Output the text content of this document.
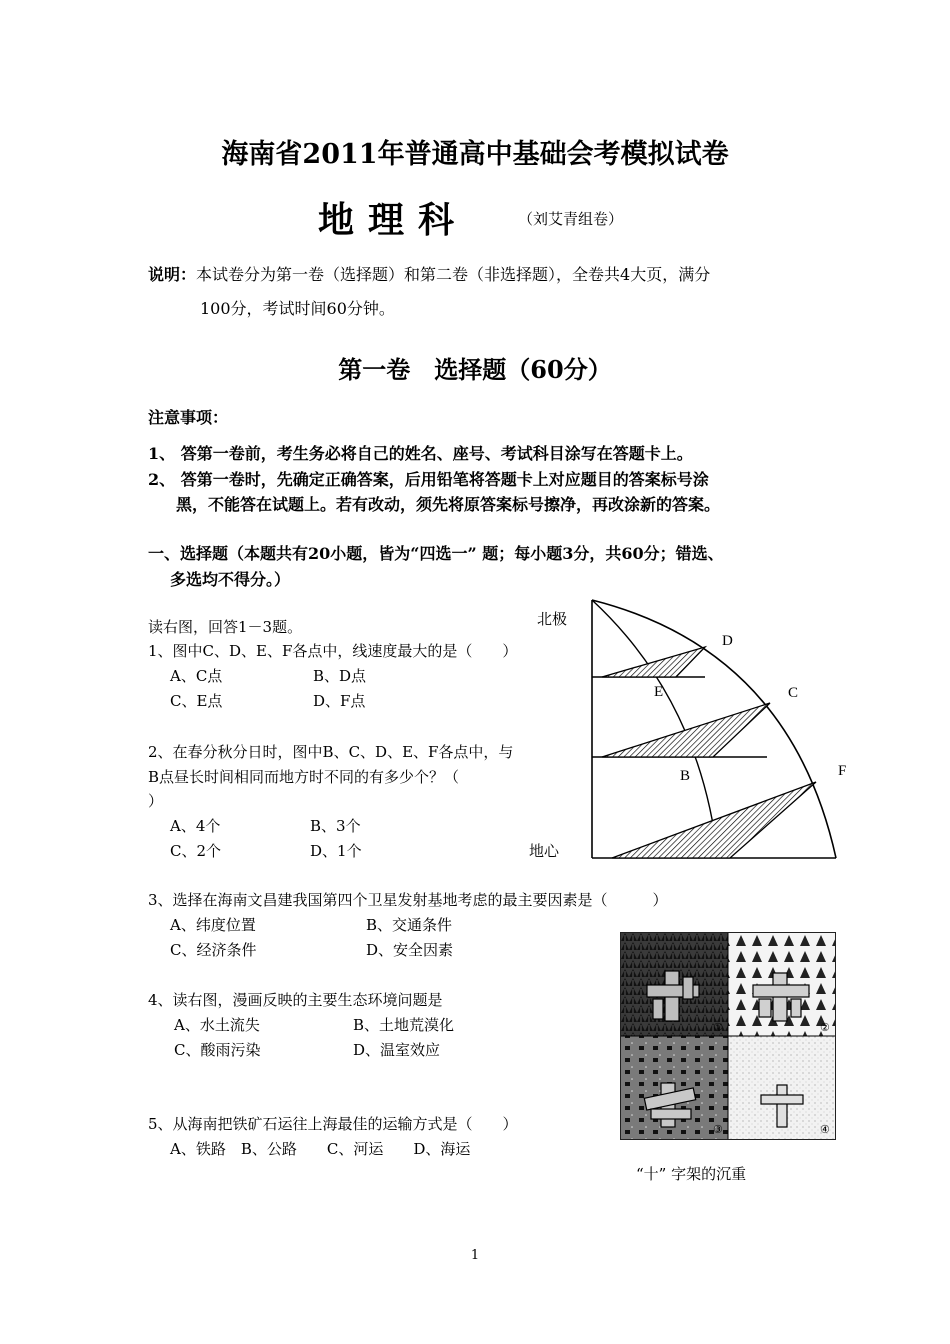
海南省2011年普通高中基础会考模拟试卷
地理科	（刘艾青组卷）
说明：本试卷分为第一卷（选择题）和第二卷（非选择题），全卷共4大页，满分
100分，考试时间60分钟。
第一卷　选择题（60分）
注意事项：
1、 答第一卷前，考生务必将自己的姓名、座号、考试科目涂写在答题卡上。
2、 答第一卷时，先确定正确答案，后用铅笔将答题卡上对应题目的答案标号涂
黑，不能答在试题上。若有改动，须先将原答案标号擦净，再改涂新的答案。
一、选择题（本题共有20小题，皆为“四选一” 题；每小题3分，共60分；错选、
多选均不得分。）
读右图，回答1－3题。
1、图中C、D、E、F各点中，线速度最大的是（　　）
A、C点	B、D点
C、E点	D、F点
2、在春分秋分日时，图中B、C、D、E、F各点中，与
B点昼长时间相同而地方时不同的有多少个？（
）
A、4个	B、3个
C、2个	D、1个
3、选择在海南文昌建我国第四个卫星发射基地考虑的最主要因素是（　　　）
A、纬度位置	B、交通条件
C、经济条件	D、安全因素
4、读右图，漫画反映的主要生态环境问题是
A、水土流失	B、土地荒漠化
C、酸雨污染	D、温室效应
5、从海南把铁矿石运往上海最佳的运输方式是（　　）
A、铁路　B、公路　　C、河运　　D、海运
北极
地心
D
E	C
B	F
①	②
③	④
“十” 字架的沉重
1
